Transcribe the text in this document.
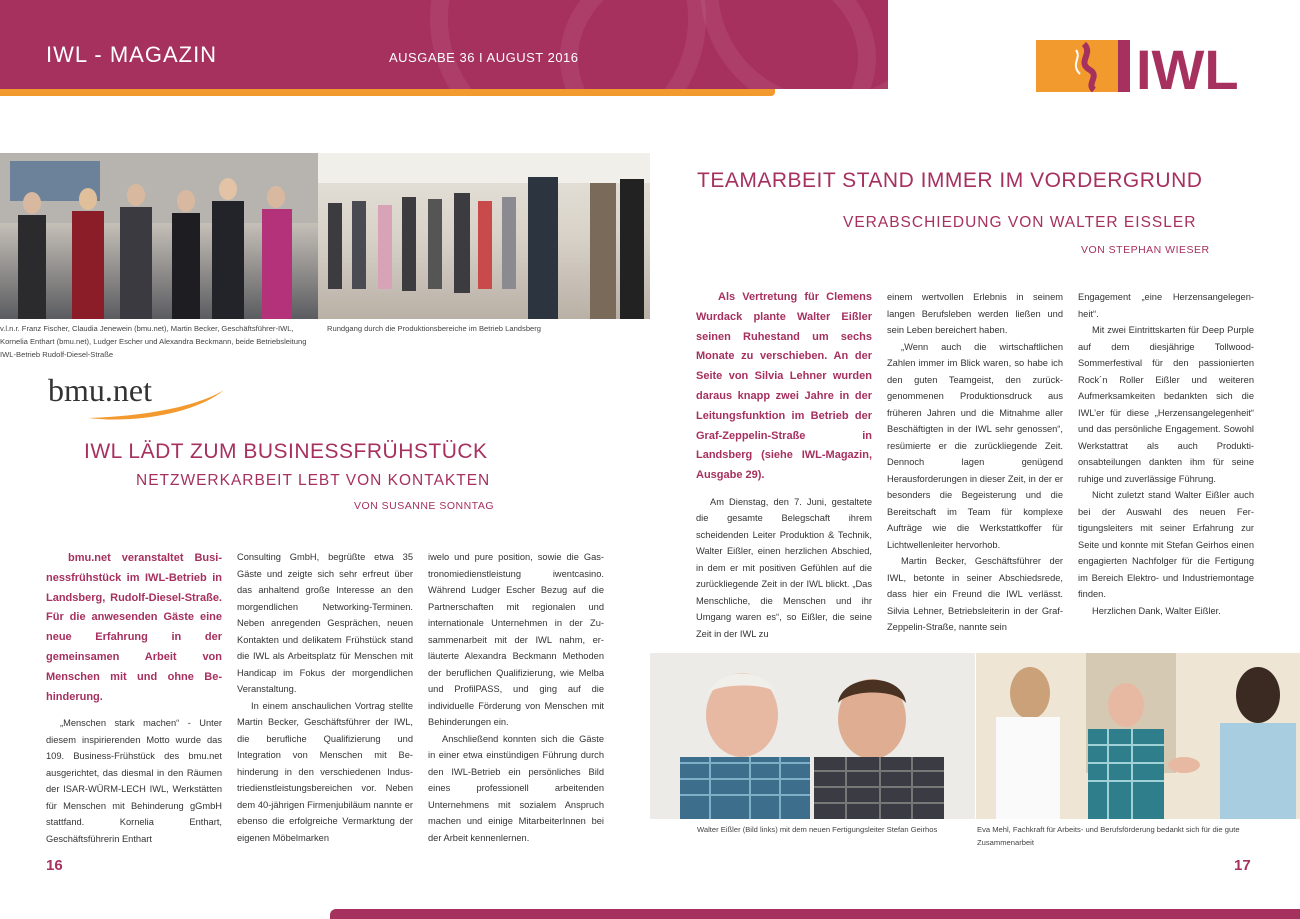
IWL - MAGAZIN	AUSGABE 36 I AUGUST 2016	IWL
v.l.n.r. Franz Fischer, Claudia Jenewein (bmu.net), Martin Becker, Geschäftsführer-IWL, Kornelia Enthart (bmu.net), Ludger Escher und Alexandra Beckmann, beide Betriebsleitung IWL-Betrieb Rudolf-Diesel-Straße
Rundgang durch die Produktionsbereiche im Betrieb Landsberg
bmu.net
IWL LÄDT ZUM BUSINESSFRÜHSTÜCK
NETZWERKARBEIT LEBT VON KONTAKTEN
VON SUSANNE SONNTAG
bmu.net veranstaltet Businessfrühstück im IWL-Betrieb in Landsberg, Rudolf-Diesel-Straße. Für die anwesenden Gäste eine neue Erfahrung in der gemeinsamen Arbeit von Menschen mit und ohne Behinderung.

„Menschen stark machen“ - Unter diesem inspirierenden Motto wurde das 109. Business-Frühstück des bmu.net ausgerichtet, das diesmal in den Räumen der ISAR-WÜRM-LECH IWL, Werkstätten für Menschen mit Behinderung gGmbH stattfand. Kornelia Enthart, Geschäftsführerin Enthart

Consulting GmbH, begrüßte etwa 35 Gäste und zeigte sich sehr erfreut über das anhaltend große Interesse an den morgendlichen Networking-Terminen. Neben anregenden Gesprächen, neuen Kontakten und delikatem Frühstück stand die IWL als Arbeitsplatz für Menschen mit Handicap im Fokus der morgendlichen Veranstaltung.

In einem anschaulichen Vortrag stellte Martin Becker, Geschäftsführer der IWL, die berufliche Qualifizierung und Integration von Menschen mit Behinderung in den verschiedenen Industriedienstleistungsbereichen vor. Neben dem 40-jährigen Firmenjubiläum nannte er ebenso die erfolgreiche Vermarktung der eigenen Möbelmarken

iwelo und pure position, sowie die Gastronomiedienstleistung iwentcasino. Während Ludger Escher Bezug auf die Partnerschaften mit regionalen und internationale Unternehmen in der Zusammenarbeit mit der IWL nahm, erläuterte Alexandra Beckmann Methoden der beruflichen Qualifizierung, wie Melba und ProfilPASS, und ging auf die individuelle Förderung von Menschen mit Behinderungen ein.

Anschließend konnten sich die Gäste in einer etwa einstündigen Führung durch den IWL-Betrieb ein persönliches Bild eines professionell arbeitenden Unternehmens mit sozialem Anspruch machen und einige MitarbeiterInnen bei der Arbeit kennenlernen.

16
TEAMARBEIT STAND IMMER IM VORDERGRUND
VERABSCHIEDUNG VON WALTER EISSLER
VON STEPHAN WIESER
Als Vertretung für Clemens Wurdack plante Walter Eißler seinen Ruhestand um sechs Monate zu verschieben. An der Seite von Silvia Lehner wurden daraus knapp zwei Jahre in der Leitungsfunktion im Betrieb der Graf-Zeppelin-Straße in Landsberg (siehe IWL-Magazin, Ausgabe 29).

Am Dienstag, den 7. Juni, gestaltete die gesamte Belegschaft ihrem scheidenden Leiter Produktion & Technik, Walter Eißler, einen herzlichen Abschied, in dem er mit positiven Gefühlen auf die zurückliegende Zeit in der IWL blickt. „Das Menschliche, die Menschen und ihr Umgang waren es“, so Eißler, die seine Zeit in der IWL zu

einem wertvollen Erlebnis in seinem langen Berufsleben werden ließen und sein Leben bereichert haben.

„Wenn auch die wirtschaftlichen Zahlen immer im Blick waren, so habe ich den guten Teamgeist, den zurückgenommenen Produktionsdruck aus früheren Jahren und die Mitnahme aller Beschäftigten in der IWL sehr genossen“, resümierte er die zurückliegende Zeit. Dennoch lagen genügend Herausforderungen in dieser Zeit, in der er besonders die Begeisterung und die Bereitschaft im Team für komplexe Aufträge wie die Werkstattkoffer für Lichtwellenleiter hervorhob.

Martin Becker, Geschäftsführer der IWL, betonte in seiner Abschiedsrede, dass hier ein Freund die IWL verlässt. Silvia Lehner, Betriebsleiterin in der Graf-Zeppelin-Straße, nannte sein

Engagement „eine Herzensangelegenheit“.

Mit zwei Eintrittskarten für Deep Purple auf dem diesjährige Tollwood-Sommerfestival für den passionierten Rock´n Roller Eißler und weiteren Aufmerksamkeiten bedankten sich die IWL’er für diese „Herzensangelegenheit“ und das persönliche Engagement. Sowohl Werkstattrat als auch Produktionsabteilungen dankten ihm für seine ruhige und zuverlässige Führung.

Nicht zuletzt stand Walter Eißler auch bei der Auswahl des neuen Fertigungsleiters mit seiner Erfahrung zur Seite und konnte mit Stefan Geirhos einen engagierten Nachfolger für die Fertigung im Bereich Elektro- und Industriemontage finden.

Herzlichen Dank, Walter Eißler.

Walter Eißler (Bild links) mit dem neuen Fertigungsleiter Stefan Geirhos	Eva Mehl, Fachkraft für Arbeits- und Berufsförderung bedankt sich für die gute Zusammenarbeit
17
